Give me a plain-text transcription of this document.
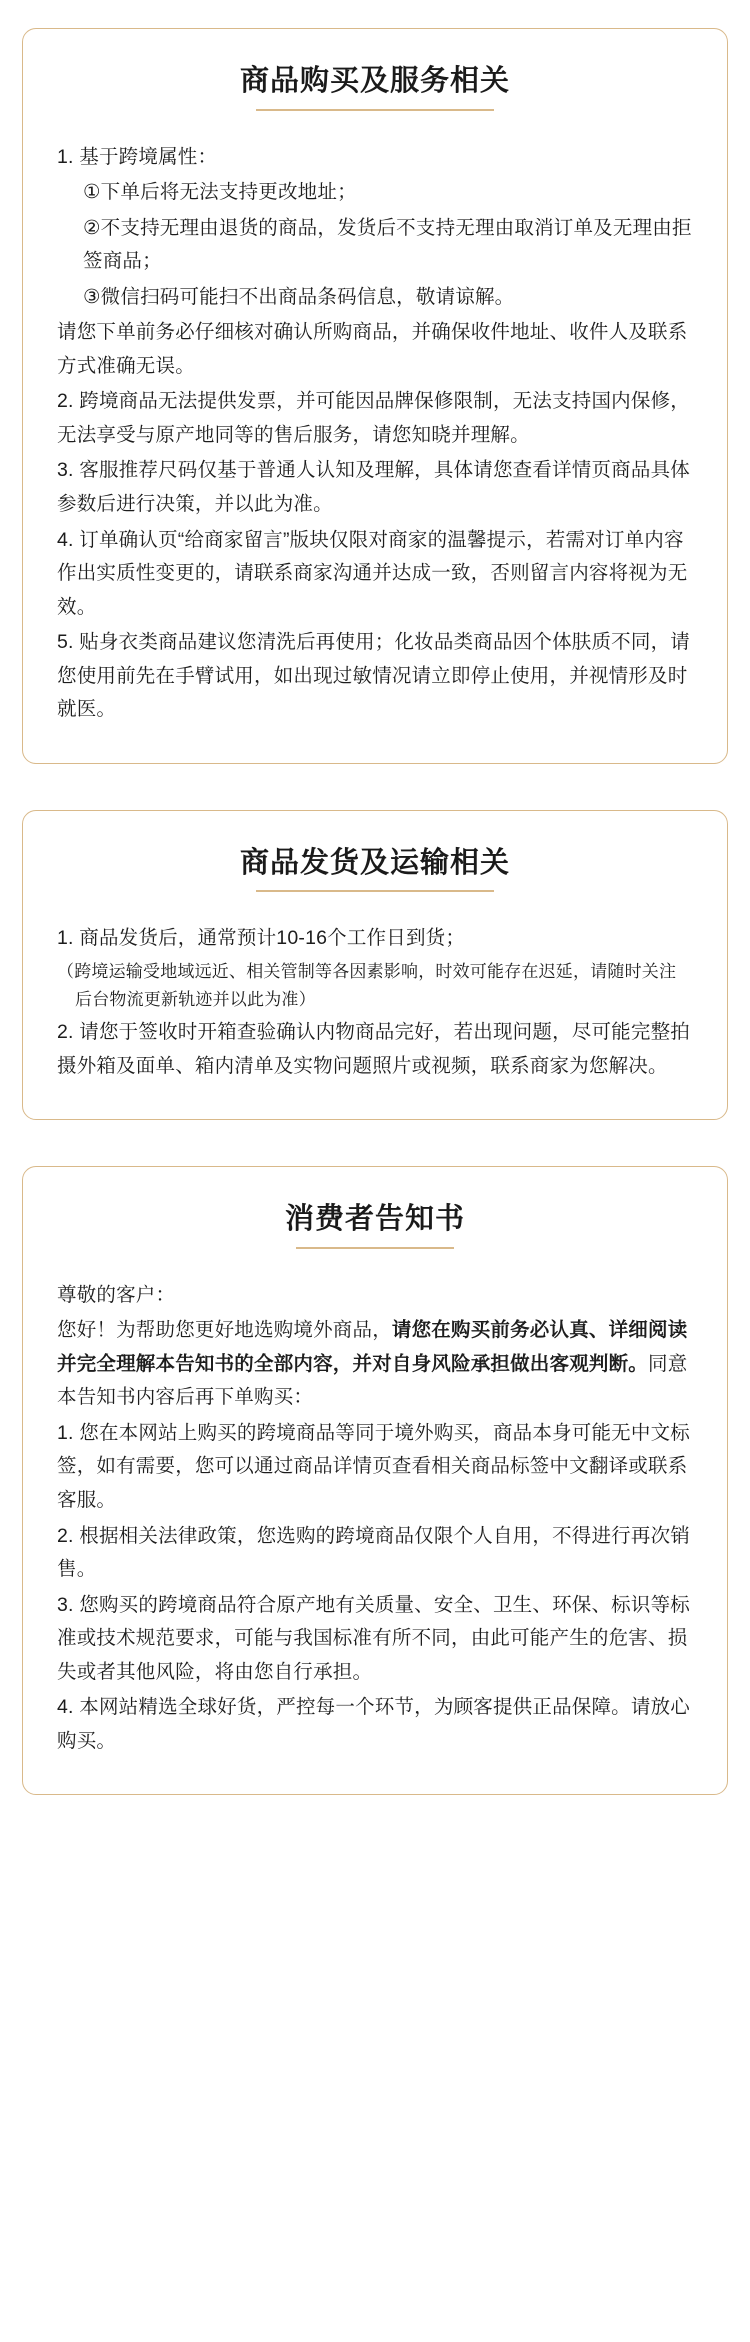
商品购买及服务相关

1. 基于跨境属性：

①下单后将无法支持更改地址；

②不支持无理由退货的商品，发货后不支持无理由取消订单及无理由拒签商品；

③微信扫码可能扫不出商品条码信息，敬请谅解。

请您下单前务必仔细核对确认所购商品，并确保收件地址、收件人及联系方式准确无误。

2. 跨境商品无法提供发票，并可能因品牌保修限制，无法支持国内保修，无法享受与原产地同等的售后服务，请您知晓并理解。

3. 客服推荐尺码仅基于普通人认知及理解，具体请您查看详情页商品具体参数后进行决策，并以此为准。

4. 订单确认页“给商家留言”版块仅限对商家的温馨提示，若需对订单内容作出实质性变更的，请联系商家沟通并达成一致，否则留言内容将视为无效。

5. 贴身衣类商品建议您清洗后再使用；化妆品类商品因个体肤质不同，请您使用前先在手臂试用，如出现过敏情况请立即停止使用，并视情形及时就医。

商品发货及运输相关

1. 商品发货后，通常预计10-16个工作日到货；

（跨境运输受地域远近、相关管制等各因素影响，时效可能存在迟延，请随时关注后台物流更新轨迹并以此为准）

2. 请您于签收时开箱查验确认内物商品完好，若出现问题，尽可能完整拍摄外箱及面单、箱内清单及实物问题照片或视频，联系商家为您解决。

消费者告知书

尊敬的客户：

您好！为帮助您更好地选购境外商品，请您在购买前务必认真、详细阅读并完全理解本告知书的全部内容，并对自身风险承担做出客观判断。同意本告知书内容后再下单购买：

1. 您在本网站上购买的跨境商品等同于境外购买，商品本身可能无中文标签，如有需要，您可以通过商品详情页查看相关商品标签中文翻译或联系客服。

2. 根据相关法律政策，您选购的跨境商品仅限个人自用，不得进行再次销售。

3. 您购买的跨境商品符合原产地有关质量、安全、卫生、环保、标识等标准或技术规范要求，可能与我国标准有所不同，由此可能产生的危害、损失或者其他风险，将由您自行承担。

4. 本网站精选全球好货，严控每一个环节，为顾客提供正品保障。请放心购买。
